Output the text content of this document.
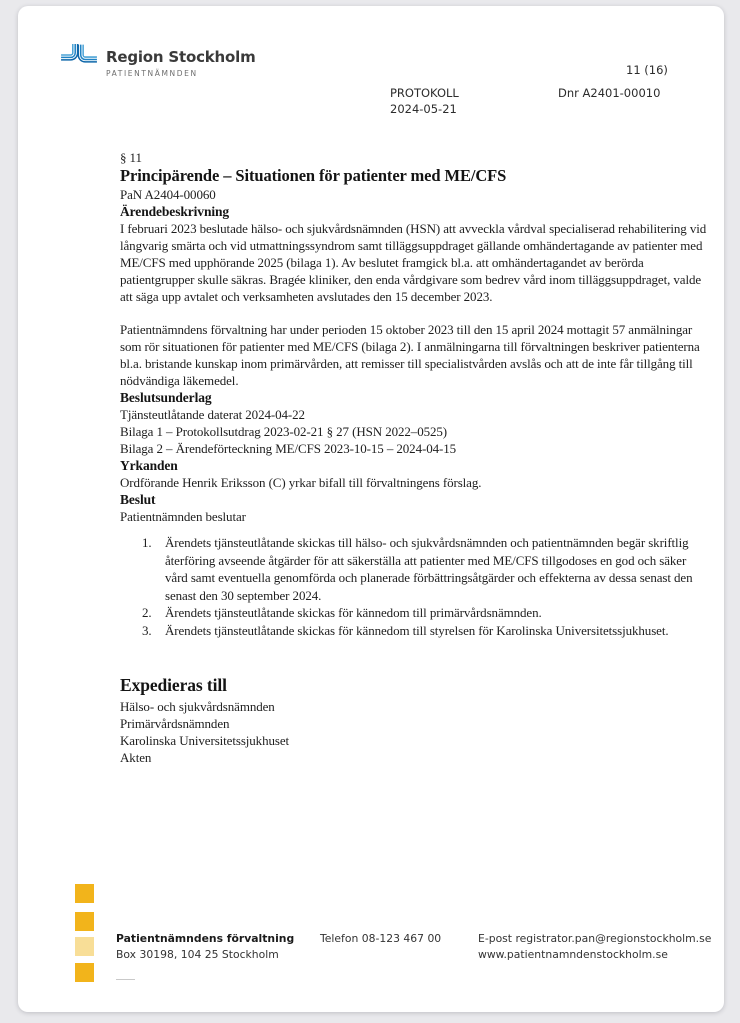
Region Stockholm
PATIENTNÄMNDEN	11 (16)
PROTOKOLL
2024-05-21
Dnr A2401-00010

§ 11

Principärende – Situationen för patienter med ME/CFS

PaN A2404-00060

Ärendebeskrivning

I februari 2023 beslutade hälso- och sjukvårdsnämnden (HSN) att avveckla vårdval specialiserad rehabilitering vid långvarig smärta och vid utmattningssyndrom samt tilläggsuppdraget gällande omhändertagande av patienter med ME/CFS med upphörande 2025 (bilaga 1). Av beslutet framgick bl.a. att omhändertagandet av berörda patientgrupper skulle säkras. Bragée kliniker, den enda vårdgivare som bedrev vård inom tilläggsuppdraget, valde att säga upp avtalet och verksamheten avslutades den 15 december 2023.

Patientnämndens förvaltning har under perioden 15 oktober 2023 till den 15 april 2024 mottagit 57 anmälningar som rör situationen för patienter med ME/CFS (bilaga 2). I anmälningarna till förvaltningen beskriver patienterna bl.a. bristande kunskap inom primärvården, att remisser till specialistvården avslås och att de inte får tillgång till nödvändiga läkemedel.

Beslutsunderlag

Tjänsteutlåtande daterat 2024-04-22

Bilaga 1 – Protokollsutdrag 2023-02-21 § 27 (HSN 2022–0525)

Bilaga 2 – Ärendeförteckning ME/CFS 2023-10-15 – 2024-04-15

Yrkanden

Ordförande Henrik Eriksson (C) yrkar bifall till förvaltningens förslag.

Beslut

Patientnämnden beslutar

1.	Ärendets tjänsteutlåtande skickas till hälso- och sjukvårdsnämnden och patientnämnden begär skriftlig återföring avseende åtgärder för att säkerställa att patienter med ME/CFS tillgodoses en god och säker vård samt eventuella genomförda och planerade förbättringsåtgärder och effekterna av dessa senast den senast den 30 september 2024.
2.	Ärendets tjänsteutlåtande skickas för kännedom till primärvårdsnämnden.
3.	Ärendets tjänsteutlåtande skickas för kännedom till styrelsen för Karolinska Universitetssjukhuset.
Expedieras till

Hälso- och sjukvårdsnämnden

Primärvårdsnämnden

Karolinska Universitetssjukhuset

Akten

Patientnämndens förvaltning
Box 30198, 104 25 Stockholm
Telefon 08-123 467 00	E-post registrator.pan@regionstockholm.se
www.patientnamndenstockholm.se
